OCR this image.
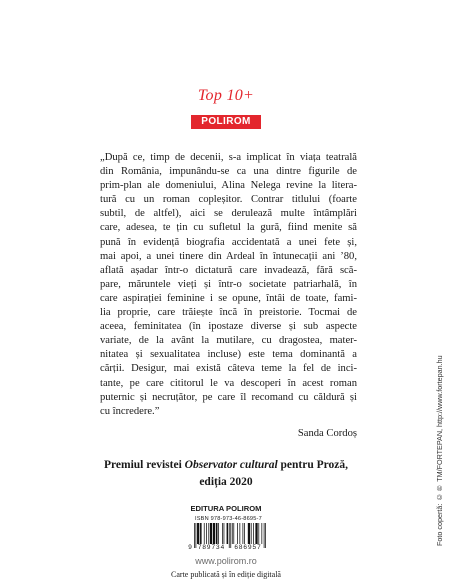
Top 10+
POLIROM
„După ce, timp de decenii, s-a implicat în viața teatrală
din România, impunându-se ca una dintre figurile de
prim-plan ale domeniului, Alina Nelega revine la litera-
tură cu un roman copleșitor. Contrar titlului (foarte
subtil, de altfel), aici se derulează multe întâmplări
care, adesea, te țin cu sufletul la gură, fiind menite să
pună în evidență biografia accidentată a unei fete și,
mai apoi, a unei tinere din Ardeal în întunecații ani ’80,
aflată așadar într-o dictatură care invadează, fără scă-
pare, măruntele vieți și într-o societate patriarhală, în
care aspirației feminine i se opune, întâi de toate, fami-
lia proprie, care trăiește încă în preistorie. Tocmai de
aceea, feminitatea (în ipostaze diverse și sub aspecte
variate, de la avânt la mutilare, cu dragostea, mater-
nitatea și sexualitatea incluse) este tema dominantă a
cărții. Desigur, mai există câteva teme la fel de inci-
tante, pe care cititorul le va descoperi în acest roman
puternic și necruțător, pe care îl recomand cu căldură și
cu încredere.”
Sanda Cordoș
Premiul revistei Observator cultural pentru Proză,
ediția 2020
EDITURA POLIROM
ISBN 978-973-46-8695-7
9 789734	686957
www.polirom.ro
Carte publicată și în ediție digitală
Foto copertă: ©® TM/FORTEPAN, http://www.fortepan.hu
